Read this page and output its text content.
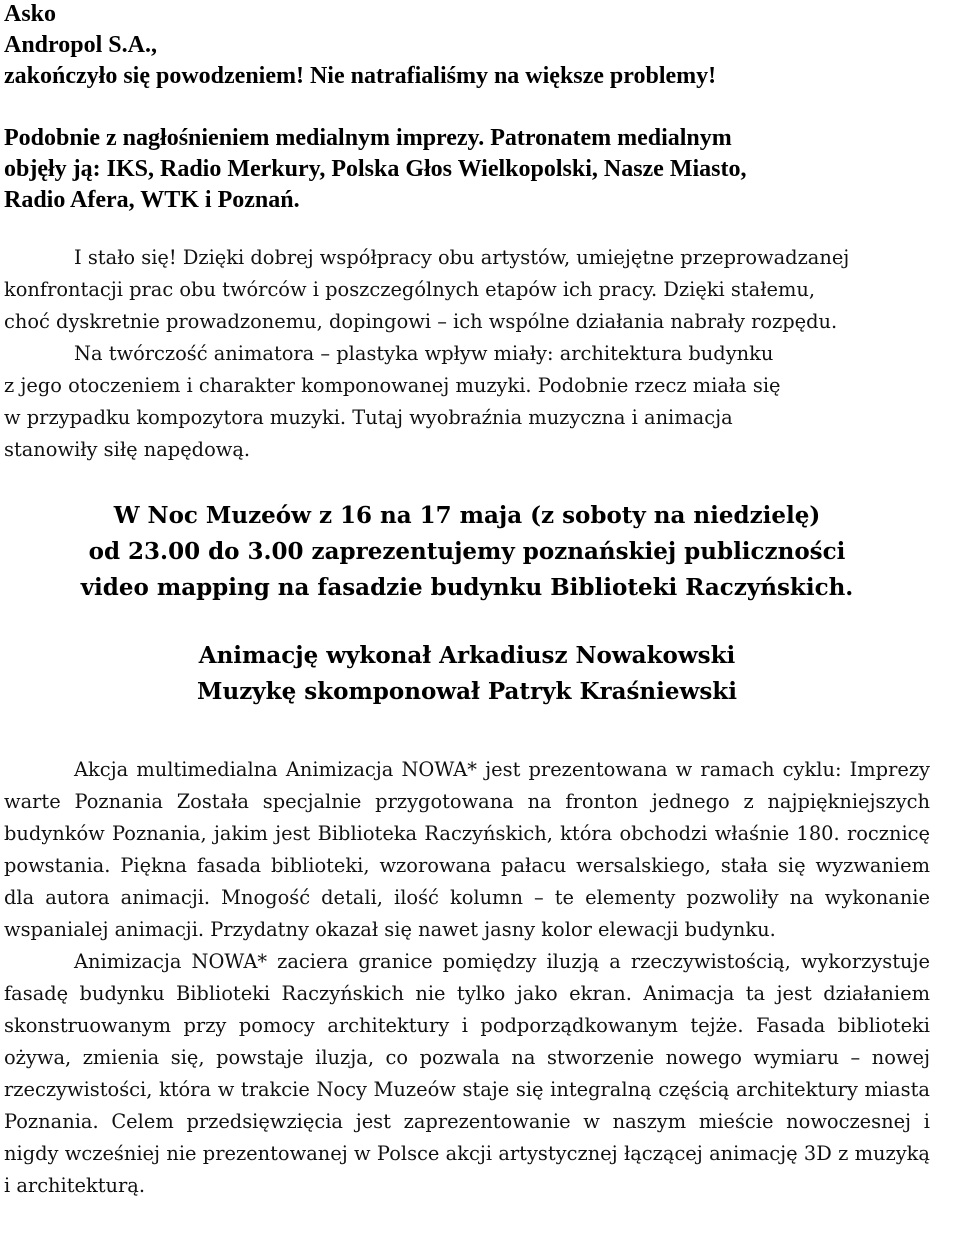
Asko
Andropol S.A.,
zakończyło się powodzeniem! Nie natrafialiśmy na większe problemy!
Podobnie z nagłośnieniem medialnym imprezy. Patronatem medialnym
objęły ją: IKS, Radio Merkury, Polska Głos Wielkopolski, Nasze Miasto,
Radio Afera, WTK i Poznań.
I stało się! Dzięki dobrej współpracy obu artystów, umiejętne przeprowadzanej
konfrontacji prac obu twórców i poszczególnych etapów ich pracy. Dzięki stałemu,
choć dyskretnie prowadzonemu, dopingowi – ich wspólne działania nabrały rozpędu.
Na twórczość animatora – plastyka wpływ miały: architektura budynku
z jego otoczeniem i charakter komponowanej muzyki. Podobnie rzecz miała się
w przypadku kompozytora muzyki. Tutaj wyobraźnia muzyczna i animacja
stanowiły siłę napędową.
W Noc Muzeów z 16 na 17 maja (z soboty na niedzielę)
od 23.00 do 3.00 zaprezentujemy poznańskiej publiczności
video mapping na fasadzie budynku Biblioteki Raczyńskich.
Animację wykonał Arkadiusz Nowakowski
Muzykę skomponował Patryk Kraśniewski

Akcja multimedialna Animizacja NOWA* jest prezentowana w ramach cyklu: Imprezy warte Poznania Została specjalnie przygotowana na fronton jednego z najpiękniejszych budynków Poznania, jakim jest Biblioteka Raczyńskich, która obchodzi właśnie 180. rocznicę powstania. Piękna fasada biblioteki, wzorowana pałacu wersalskiego, stała się wyzwaniem dla autora animacji. Mnogość detali, ilość kolumn – te elementy pozwoliły na wykonanie wspanialej animacji. Przydatny okazał się nawet jasny kolor elewacji budynku.

Animizacja NOWA* zaciera granice pomiędzy iluzją a rzeczywistością, wykorzystuje fasadę budynku Biblioteki Raczyńskich nie tylko jako ekran. Animacja ta jest działaniem skonstruowanym przy pomocy architektury i podporządkowanym tejże. Fasada biblioteki ożywa, zmienia się, powstaje iluzja, co pozwala na stworzenie nowego wymiaru – nowej rzeczywistości, która w trakcie Nocy Muzeów staje się integralną częścią architektury miasta Poznania. Celem przedsięwzięcia jest zaprezentowanie w naszym mieście nowoczesnej i nigdy wcześniej nie prezentowanej w Polsce akcji artystycznej łączącej animację 3D z muzyką i architekturą.
